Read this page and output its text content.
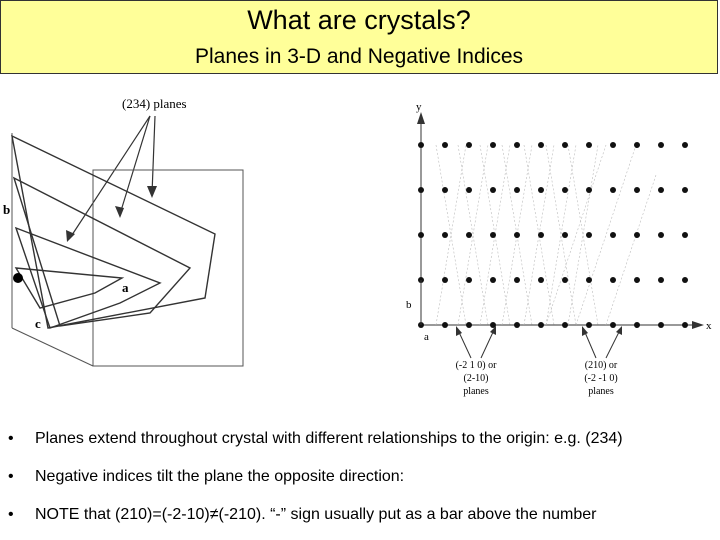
What are crystals?
Planes in 3-D and Negative Indices
(234) planes
b
a
c
y
x
b
a
(-2 1 0) or
(2-10)
planes
(210) or
(-2 -1 0)
planes
• Planes extend throughout crystal with different relationships to the origin: e.g. (234)
• Negative indices tilt the plane the opposite direction:
• NOTE that (210)=(-2-10)≠(-210). “-” sign usually put as a bar above the number
